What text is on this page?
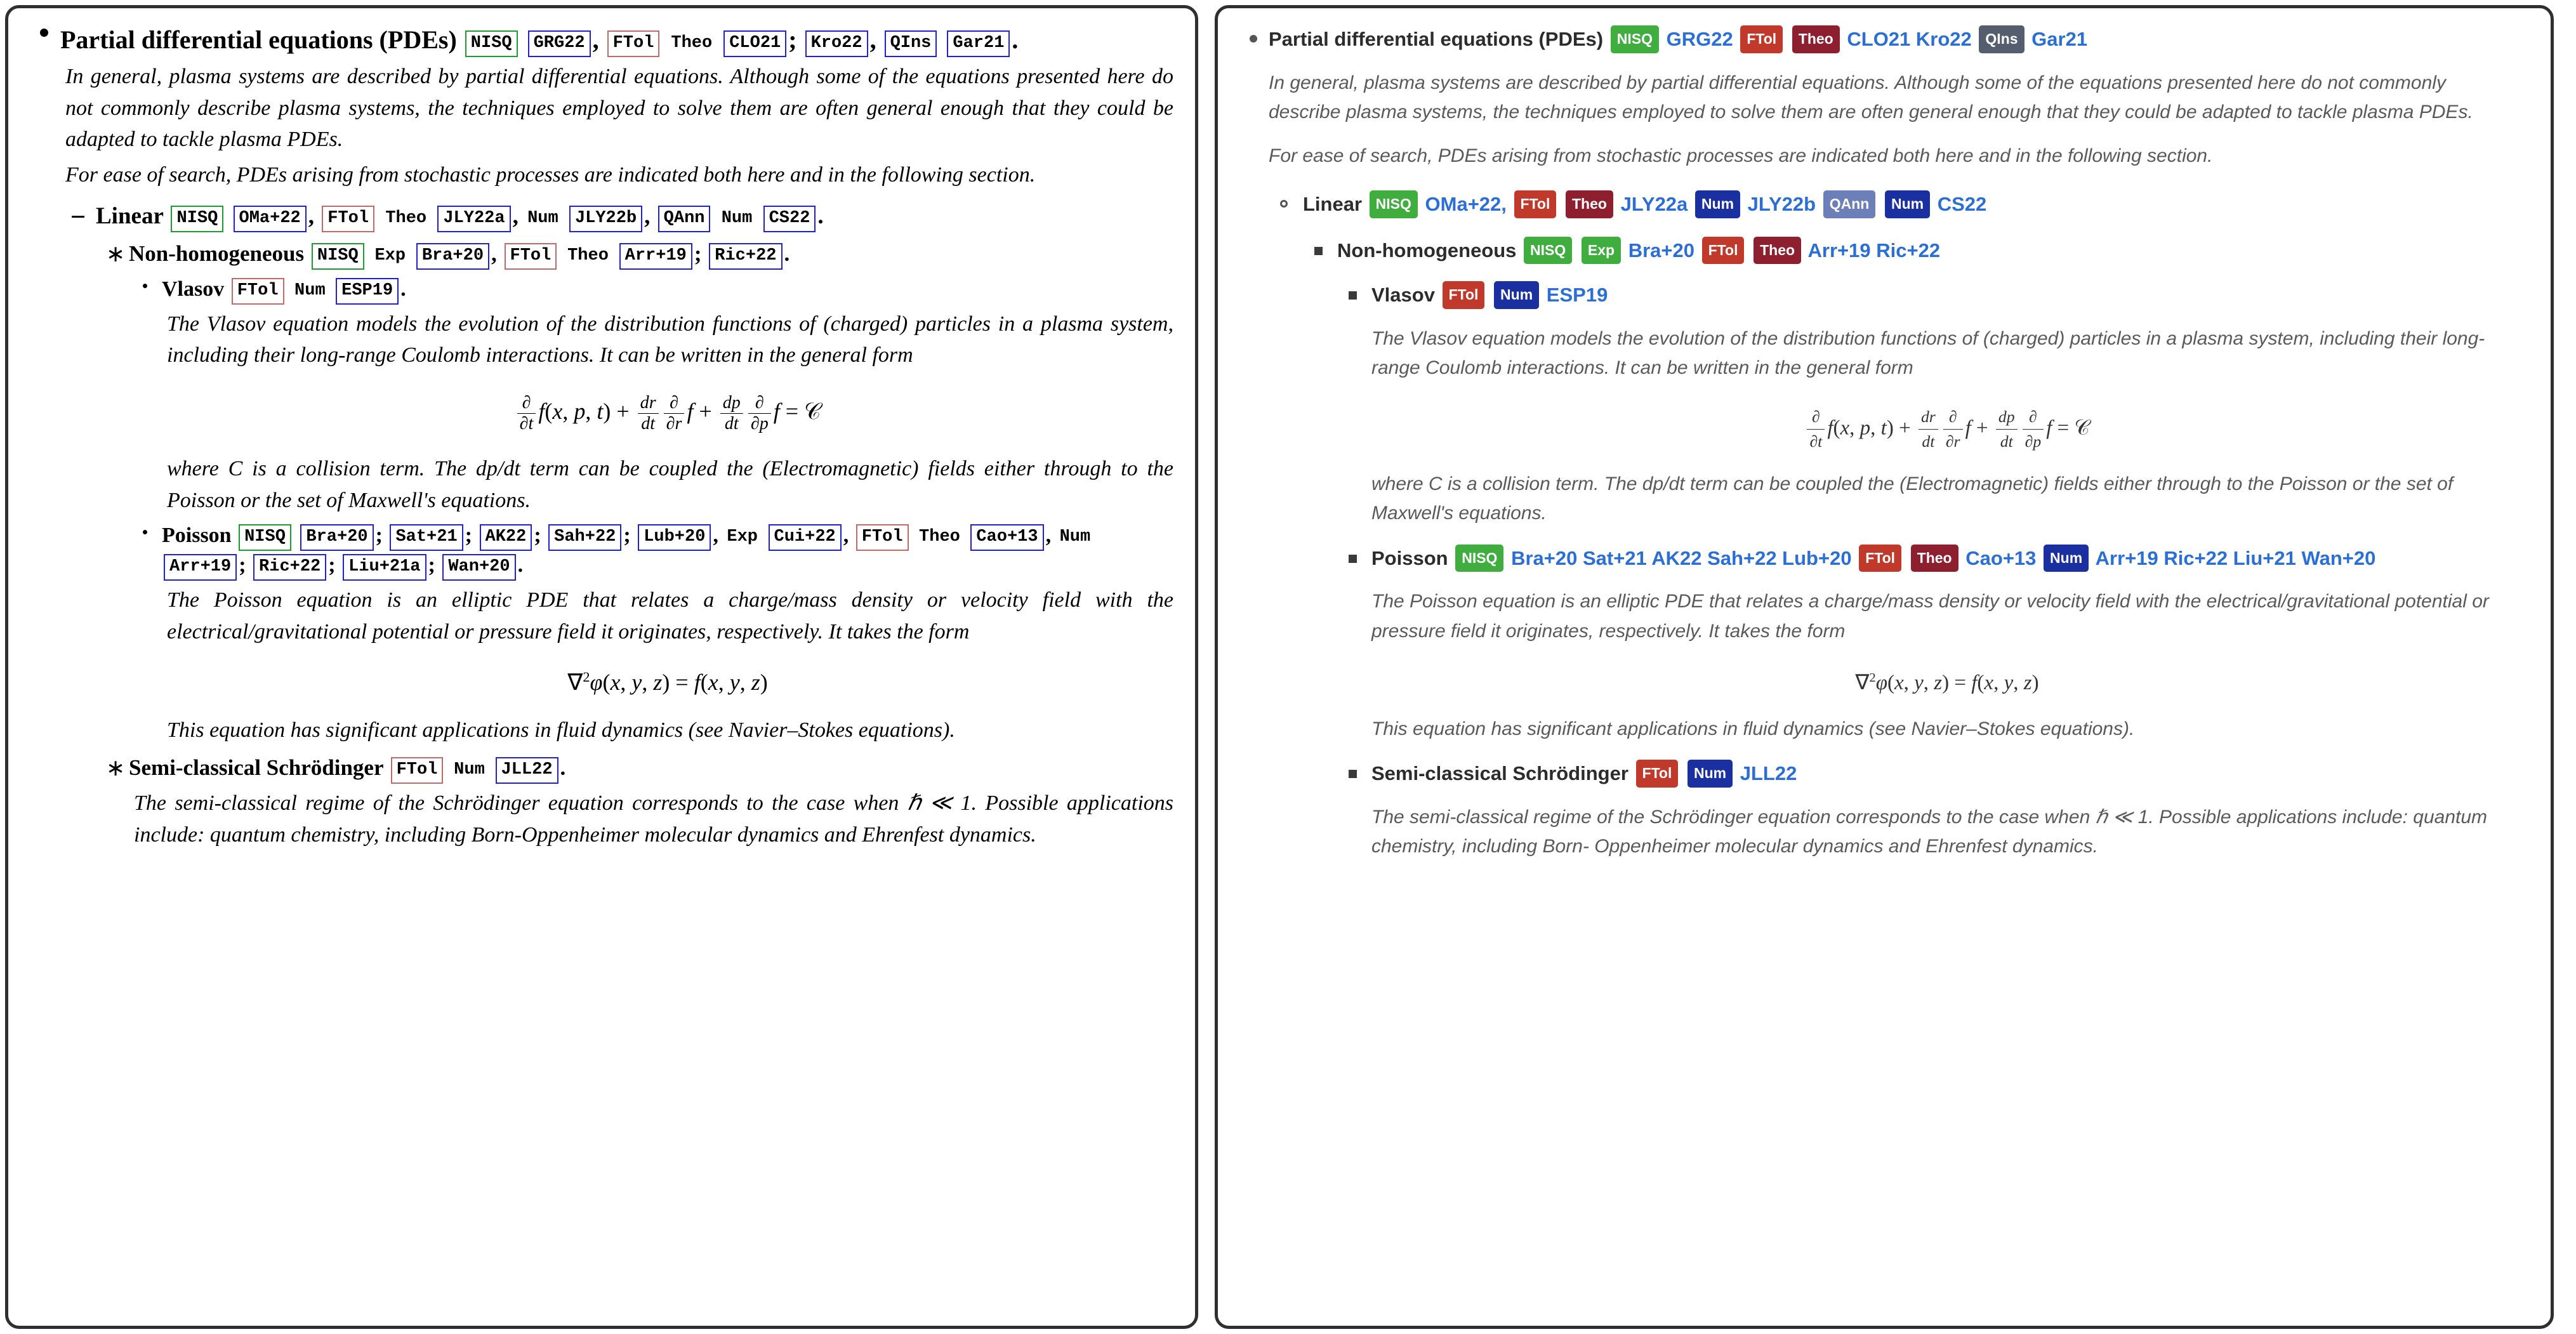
Partial differential equations (PDEs) NISQ GRG22 , FTol Theo CLO21 ; Kro22 , QIns Gar21 .
In general, plasma systems are described by partial differential equations. Although some of the equations presented here do not commonly describe plasma systems, the techniques employed to solve them are often general enough that they could be adapted to tackle plasma PDEs.
For ease of search, PDEs arising from stochastic processes are indicated both here and in the following section.
Linear NISQ OMa+22 , FTol Theo JLY22a , Num JLY22b , QAnn Num CS22 .
∗ Non-homogeneous NISQ Exp Bra+20 , FTol Theo Arr+19 ; Ric+22 .
Vlasov FTol Num ESP19 .
The Vlasov equation models the evolution of the distribution functions of (charged) particles in a plasma system, including their long-range Coulomb interactions. It can be written in the general form
$\frac{\partial}{\partial t} f(x$, p, $t) + \frac{dr}{dt} \frac{\partial}{\partial r}$ $f + \frac{dp}{dt} \frac{\partial}{\partial p}$ f = 𝒞
where C is a collision term. The dp/dt term can be coupled the (Electromagnetic) fields either through to the Poisson or the set of Maxwell's equations.
Poisson NISQ Bra+20 ; Sat+21 ; AK22 ; Sah+22 ; Lub+20 , Exp Cui+22 , FTol Theo Cao+13 , Num Arr+19 ; Ric+22 ; Liu+21a ; Wan+20 .
The Poisson equation is an elliptic PDE that relates a charge/mass density or velocity field with the electrical/gravitational potential or pressure field it originates, respectively. It takes the form
∇$^2$φ(x, y, z) = f(x, y, z)
This equation has significant applications in fluid dynamics (see Navier–Stokes equations).
∗ Semi-classical Schrödinger FTol Num JLL22 .
The semi-classical regime of the Schrödinger equation corresponds to the case when ℏ ≪ 1. Possible applications include: quantum chemistry, including Born-Oppenheimer molecular dynamics and Ehrenfest dynamics.
Partial differential equations (PDEs) NISQ GRG22 FTol Theo CLO21 Kro22 QIns Gar21
In general, plasma systems are described by partial differential equations. Although some of the equations presented here do not commonly describe plasma systems, the techniques employed to solve them are often general enough that they could be adapted to tackle plasma PDEs.
For ease of search, PDEs arising from stochastic processes are indicated both here and in the following section.
Linear NISQ OMa+22, FTol Theo JLY22a Num JLY22b QAnn Num CS22
Non-homogeneous NISQ Exp Bra+20 FTol Theo Arr+19 Ric+22
Vlasov FTol Num ESP19
The Vlasov equation models the evolution of the distribution functions of (charged) particles in a plasma system, including their long-range Coulomb interactions. It can be written in the general form
$\frac{\partial}{\partial t} f(x$, p, $t) + \frac{dr}{dt} \frac{\partial}{\partial r}$ $f + \frac{dp}{dt} \frac{\partial}{\partial p}$ f = 𝒞
where C is a collision term. The dp/dt term can be coupled the (Electromagnetic) fields either through to the Poisson or the set of Maxwell's equations.
Poisson NISQ Bra+20 Sat+21 AK22 Sah+22 Lub+20 FTol Theo Cao+13 Num Arr+19 Ric+22 Liu+21 Wan+20
The Poisson equation is an elliptic PDE that relates a charge/mass density or velocity field with the electrical/gravitational potential or pressure field it originates, respectively. It takes the form
∇$^2$φ(x, y, z) = f(x, y, z)
This equation has significant applications in fluid dynamics (see Navier–Stokes equations).
Semi-classical Schrödinger FTol Num JLL22
The semi-classical regime of the Schrödinger equation corresponds to the case when ℏ ≪ 1. Possible applications include: quantum chemistry, including Born- Oppenheimer molecular dynamics and Ehrenfest dynamics.
